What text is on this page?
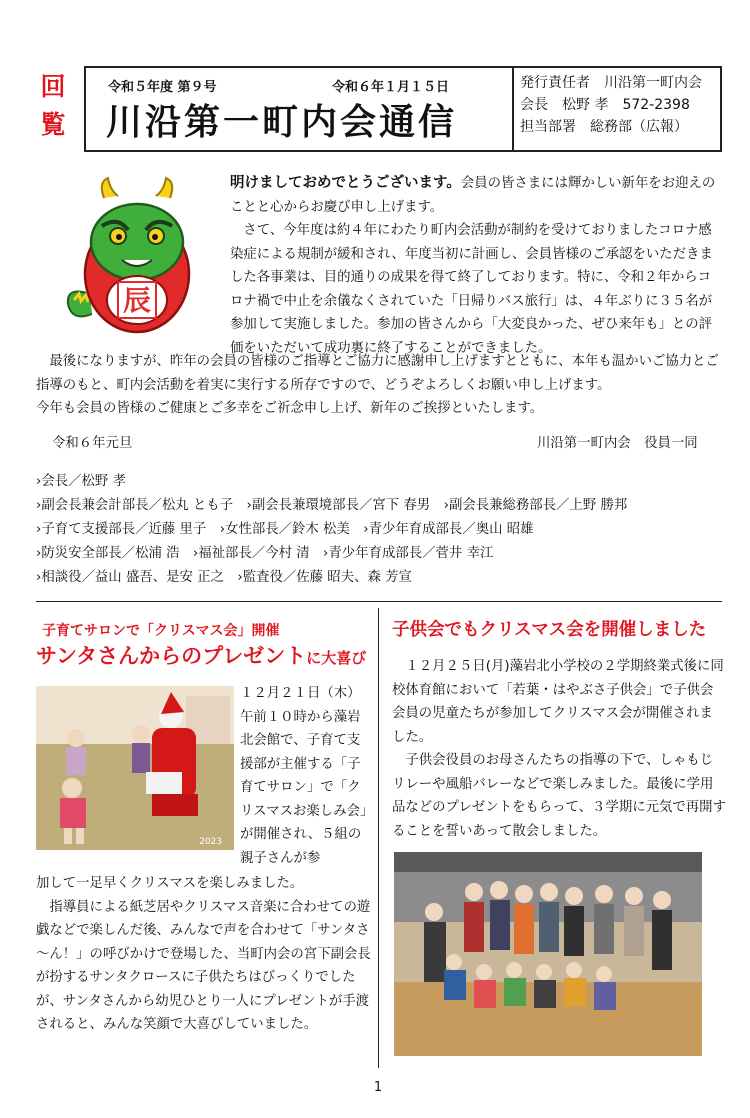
回覧
令和５年度 第９号	令和６年１月１５日
川沿第一町内会通信
発行責任者　 川沿第一町内会
会長　 松野 孝　 572-2398
担当部署　 総務部（広報）
辰

明けましておめでとうございます。会員の皆さまには輝かしい新年をお迎えのことと心からお慶び申し上げます。

さて、今年度は約４年にわたり町内会活動が制約を受けておりましたコロナ感染症による規制が緩和され、年度当初に計画し、会員皆様のご承認をいただきました各事業は、目的通りの成果を得て終了しております。特に、令和２年からコロナ禍で中止を余儀なくされていた「日帰りバス旅行」は、４年ぶりに３５名が参加して実施しました。参加の皆さんから「大変良かった、ぜひ来年も」との評価をいただいて成功裏に終了することができました。

最後になりますが、昨年の会員の皆様のご指導とご協力に感謝申し上げますとともに、本年も温かいご協力とご指導のもと、町内会活動を着実に実行する所存ですので、どうぞよろしくお願い申し上げます。

今年も会員の皆様のご健康とご多幸をご祈念申し上げ、新年のご挨拶といたします。

令和６年元旦	川沿第一町内会　役員一同
›会長／松野 孝
›副会長兼会計部長／松丸 とも子　›副会長兼環境部長／宮下 春男　›副会長兼総務部長／上野 勝邦
›子育て支援部長／近藤 里子　›女性部長／鈴木 松美　›青少年育成部長／奥山 昭雄
›防災安全部長／松浦 浩　›福祉部長／今村 清　›青少年育成部長／菅井 幸江
›相談役／益山 盛吾、是安 正之　›監査役／佐藤 昭夫、森 芳宣
子育てサロンで「クリスマス会」開催
サンタさんからのプレゼントに大喜び
2023
１２月２１日（木）午前１０時から藻岩北会館で、子育て支援部が主催する「子育てサロン」で「クリスマスお楽しみ会」が開催され、５組の親子さんが参

加して一足早くクリスマスを楽しみました。

指導員による紙芝居やクリスマス音楽に合わせての遊戯などで楽しんだ後、みんなで声を合わせて「サンタさ～ん！」の呼びかけで登場した、当町内会の宮下副会長が扮するサンタクロースに子供たちはびっくりでしたが、サンタさんから幼児ひとり一人にプレゼントが手渡されると、みんな笑顔で大喜びしていました。

子供会でもクリスマス会を開催しました

１２月２５日(月)藻岩北小学校の２学期終業式後に同校体育館において「若葉・はやぶさ子供会」で子供会会員の児童たちが参加してクリスマス会が開催されました。

子供会役員のお母さんたちの指導の下で、しゃもじリレーや風船バレーなどで楽しみました。最後に学用品などのプレゼントをもらって、３学期に元気で再開することを誓いあって散会しました。

1
